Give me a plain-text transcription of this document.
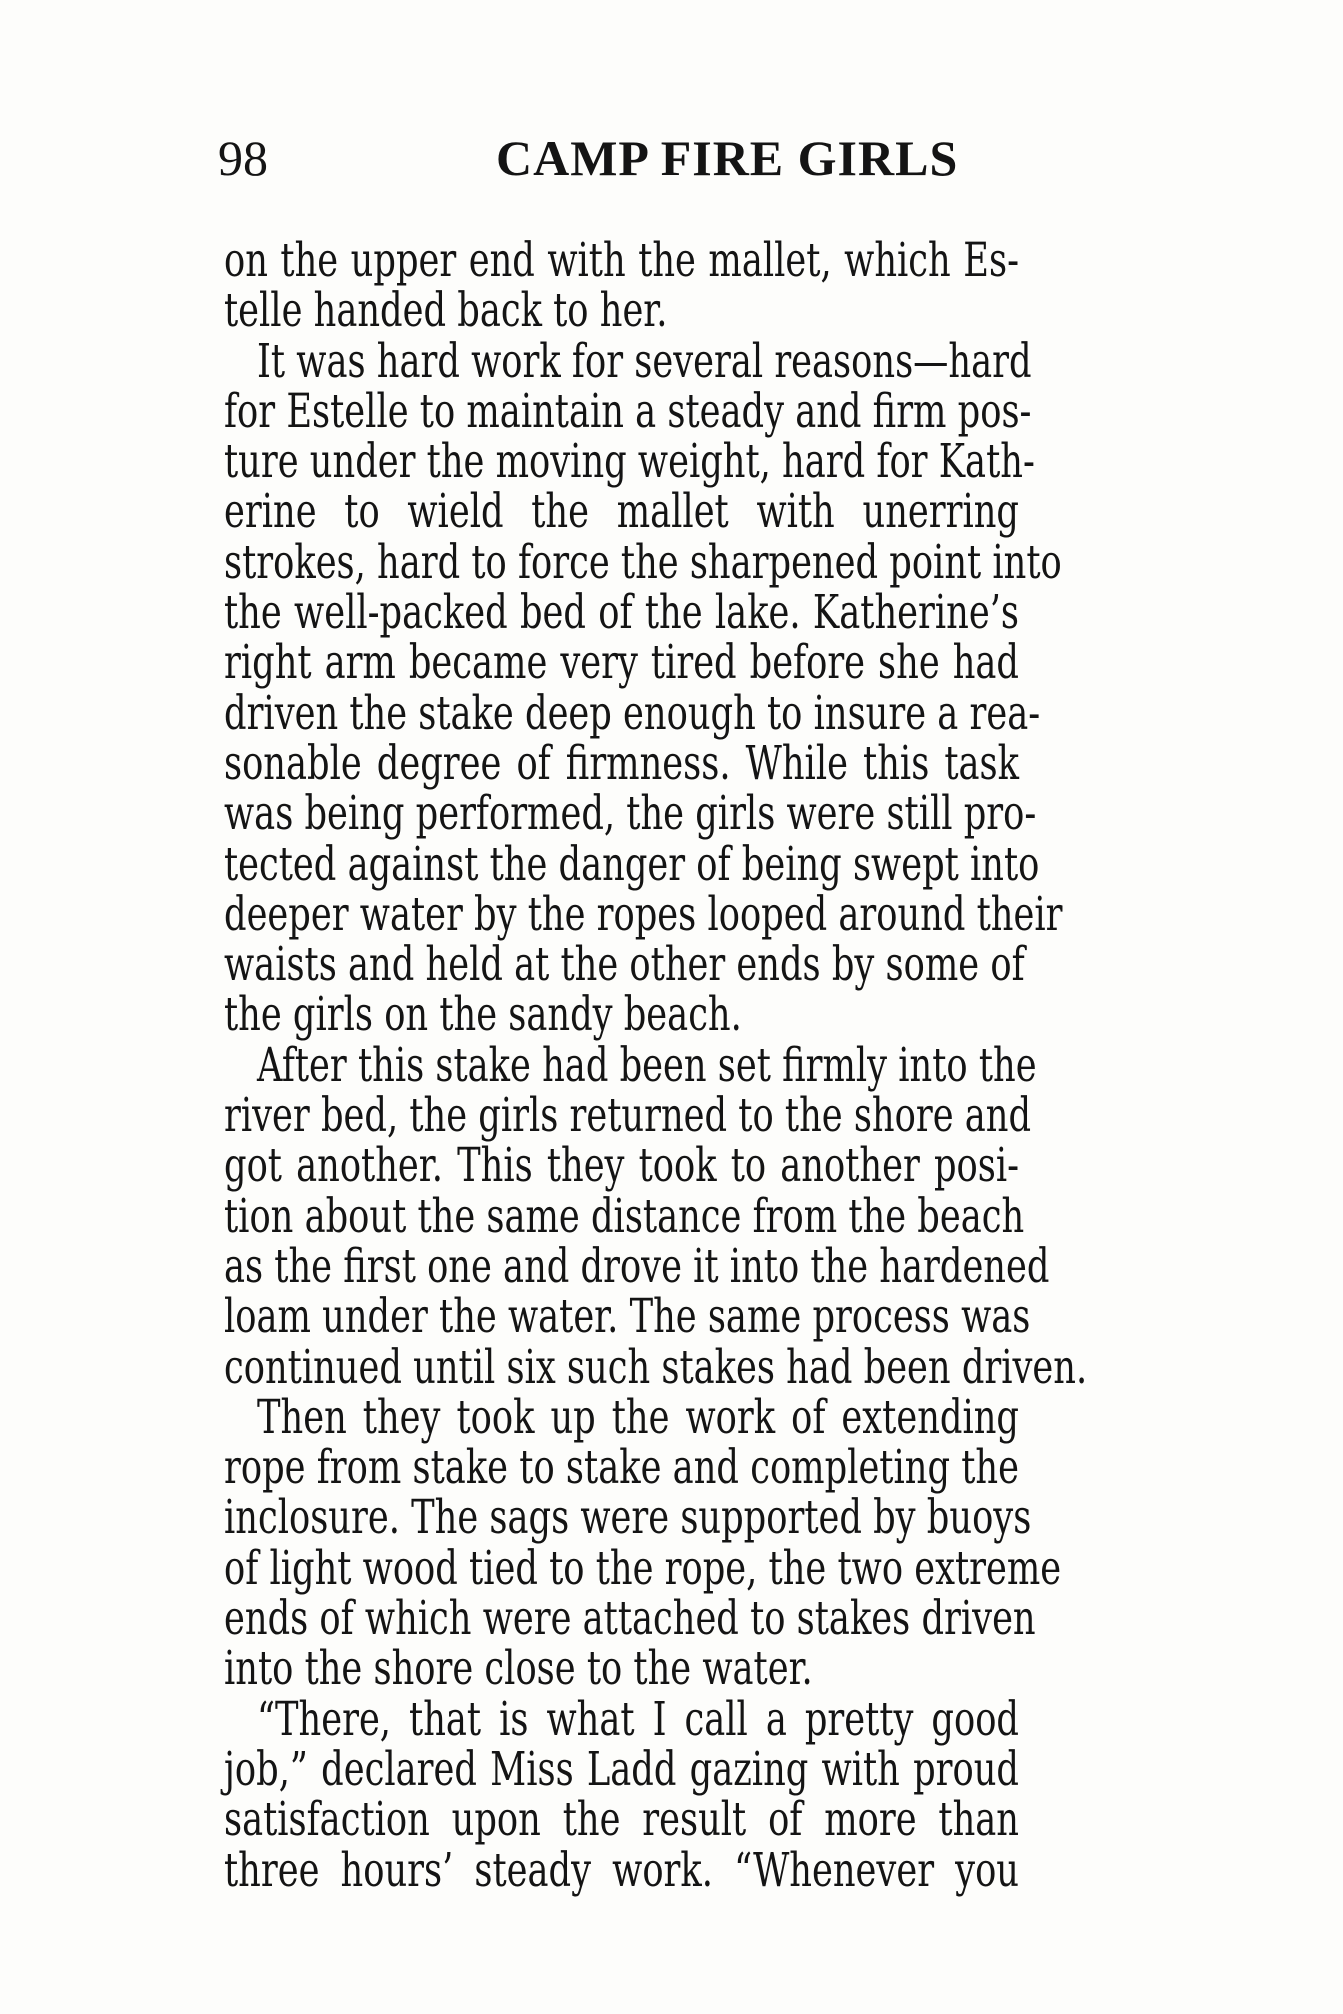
98	CAMP FIRE GIRLS
on the upper end with the mallet, which Es-
telle handed back to her.
It was hard work for several reasons—hard
for Estelle to maintain a steady and firm pos-
ture under the moving weight, hard for Kath-
erine to wield the mallet with unerring
strokes, hard to force the sharpened point into
the well-packed bed of the lake. Katherine’s
right arm became very tired before she had
driven the stake deep enough to insure a rea-
sonable degree of firmness. While this task
was being performed, the girls were still pro-
tected against the danger of being swept into
deeper water by the ropes looped around their
waists and held at the other ends by some of
the girls on the sandy beach.
After this stake had been set firmly into the
river bed, the girls returned to the shore and
got another. This they took to another posi-
tion about the same distance from the beach
as the first one and drove it into the hardened
loam under the water. The same process was
continued until six such stakes had been driven.
Then they took up the work of extending
rope from stake to stake and completing the
inclosure. The sags were supported by buoys
of light wood tied to the rope, the two extreme
ends of which were attached to stakes driven
into the shore close to the water.
“There, that is what I call a pretty good
job,” declared Miss Ladd gazing with proud
satisfaction upon the result of more than
three hours’ steady work. “Whenever you
